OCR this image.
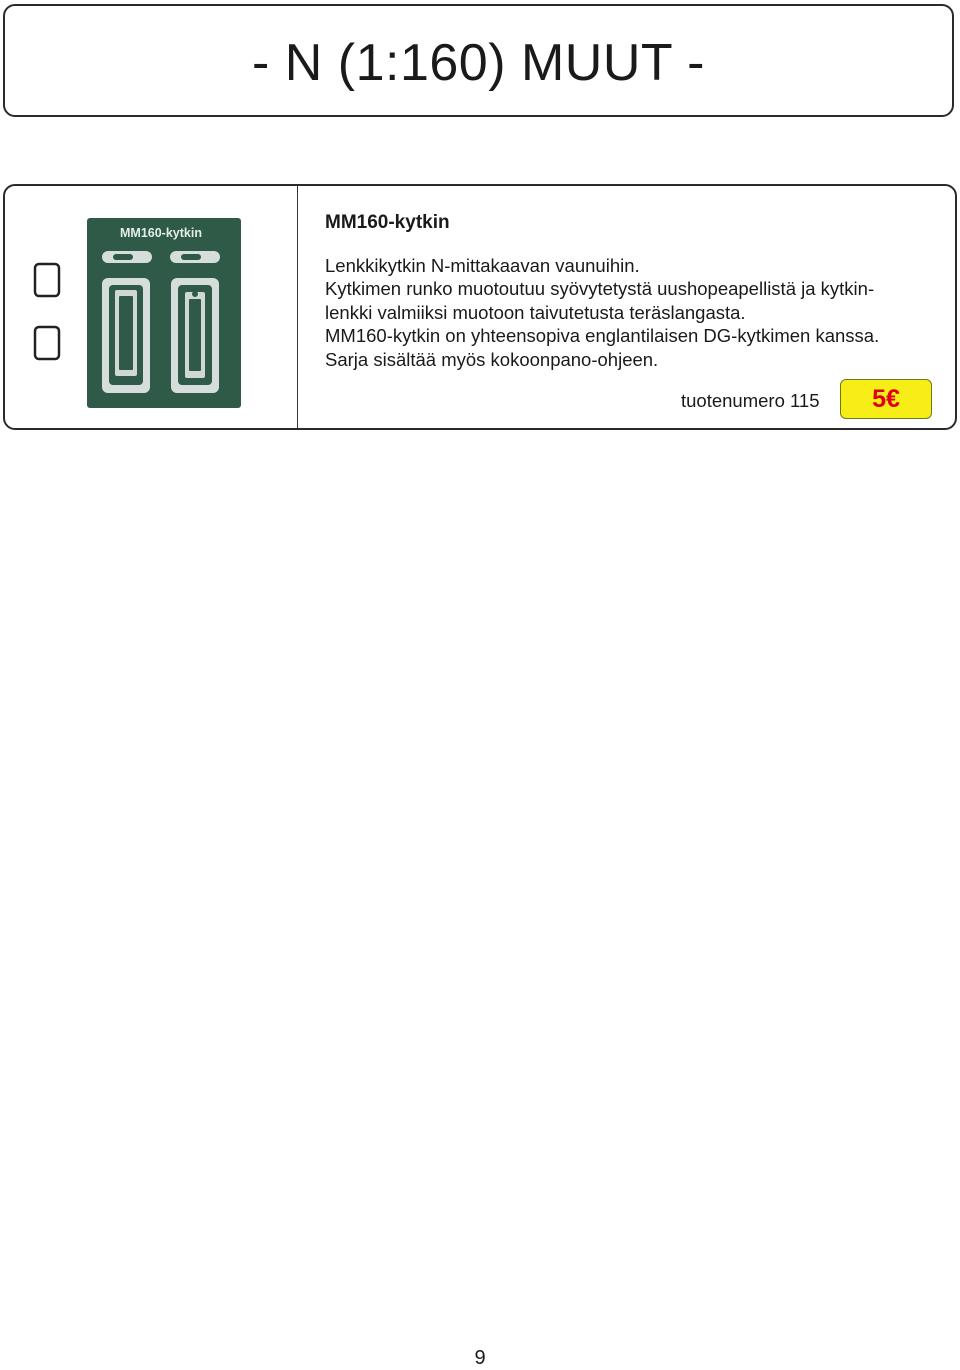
- N (1:160) MUUT -
MM160-kytkin	MM160-kytkin

Lenkkikytkin N-mittakaavan vaunuihin.

Kytkimen runko muotoutuu syövytetystä uushopeapellistä ja kytkin-

lenkki valmiiksi muotoon taivutetusta teräslangasta.

MM160-kytkin on yhteensopiva englantilaisen DG-kytkimen kanssa.

Sarja sisältää myös kokoonpano-ohjeen.

tuotenumero 115	5€
9
